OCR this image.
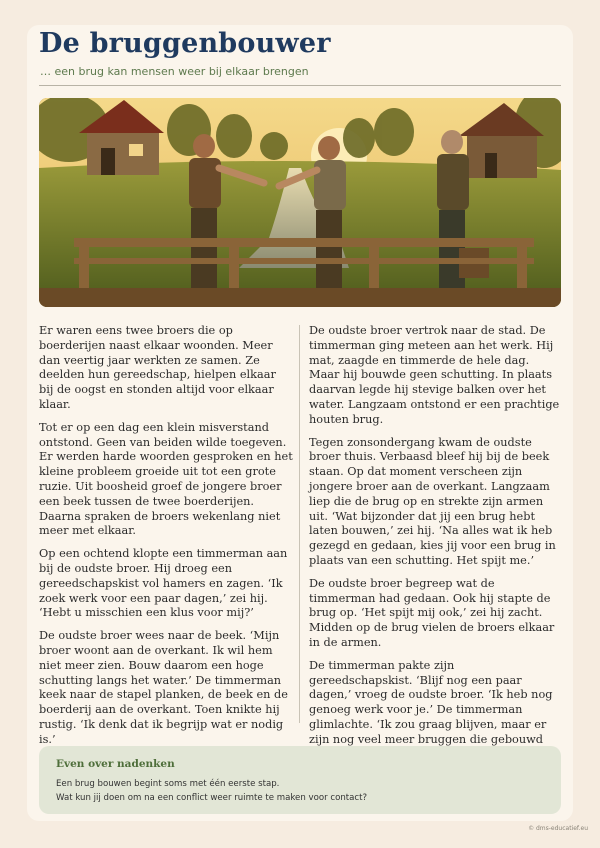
De bruggenbouwer
… een brug kan mensen weer bij elkaar brengen

Er waren eens twee broers die op boerderijen naast elkaar woonden. Meer dan veertig jaar werkten ze samen. Ze deelden hun gereedschap, hielpen elkaar bij de oogst en stonden altijd voor elkaar klaar.

Tot er op een dag een klein misverstand ontstond. Geen van beiden wilde toegeven. Er werden harde woorden gesproken en het kleine probleem groeide uit tot een grote ruzie. Uit boosheid groef de jongere broer een beek tussen de twee boerderijen. Daarna spraken de broers wekenlang niet meer met elkaar.

Op een ochtend klopte een timmerman aan bij de oudste broer. Hij droeg een gereedschapskist vol hamers en zagen. ‘Ik zoek werk voor een paar dagen,’ zei hij. ‘Hebt u misschien een klus voor mij?’

De oudste broer wees naar de beek. ‘Mijn broer woont aan de overkant. Ik wil hem niet meer zien. Bouw daarom een hoge schutting langs het water.’ De timmerman keek naar de stapel planken, de beek en de boerderij aan de overkant. Toen knikte hij rustig. ‘Ik denk dat ik begrijp wat er nodig is.’

De oudste broer vertrok naar de stad. De timmerman ging meteen aan het werk. Hij mat, zaagde en timmerde de hele dag. Maar hij bouwde geen schutting. In plaats daarvan legde hij stevige balken over het water. Langzaam ontstond er een prachtige houten brug.

Tegen zonsondergang kwam de oudste broer thuis. Verbaasd bleef hij bij de beek staan. Op dat moment verscheen zijn jongere broer aan de overkant. Langzaam liep die de brug op en strekte zijn armen uit. ‘Wat bijzonder dat jij een brug hebt laten bouwen,’ zei hij. ‘Na alles wat ik heb gezegd en gedaan, kies jij voor een brug in plaats van een schutting. Het spijt me.’

De oudste broer begreep wat de timmerman had gedaan. Ook hij stapte de brug op. ‘Het spijt mij ook,’ zei hij zacht. Midden op de brug vielen de broers elkaar in de armen.

De timmerman pakte zijn gereedschapskist. ‘Blijf nog een paar dagen,’ vroeg de oudste broer. ‘Ik heb nog genoeg werk voor je.’ De timmerman glimlachte. ‘Ik zou graag blijven, maar er zijn nog veel meer bruggen die gebouwd

Even over nadenken
Een brug bouwen begint soms met één eerste stap.
Wat kun jij doen om na een conflict weer ruimte te maken voor contact?
© dms-educatief.eu
